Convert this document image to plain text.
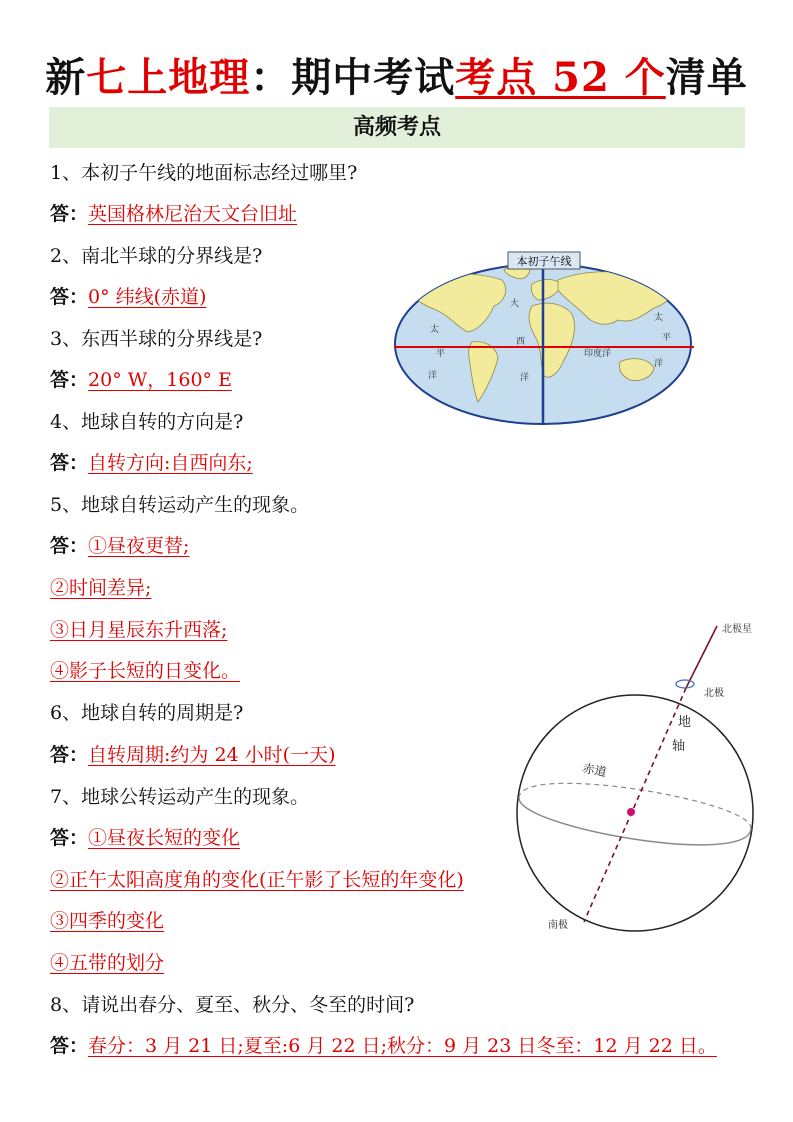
新七上地理：期中考试考点 52 个清单
高频考点
1、本初子午线的地面标志经过哪里?
答：英国格林尼治天文台旧址
2、南北半球的分界线是?
答：0° 纬线(赤道)
3、东西半球的分界线是?
答：20° W，160° E
4、地球自转的方向是?
答：自转方向:自西向东;
5、地球自转运动产生的现象。
答：①昼夜更替;
②时间差异;
③日月星辰东升西落;
④影子长短的日变化。
6、地球自转的周期是?
答：自转周期:约为 24 小时(一天)
7、地球公转运动产生的现象。
答：①昼夜长短的变化
②正午太阳高度角的变化(正午影了长短的年变化)
③四季的变化
④五带的划分
8、请说出春分、夏至、秋分、冬至的时间?
答：春分：3 月 21 日;夏至:6 月 22 日;秋分：9 月 23 日冬至：12 月 22 日。
本初子午线
太
平
洋
大
西
洋
印度洋
太
平
洋
北极星
北极
南极
地
轴
赤道
